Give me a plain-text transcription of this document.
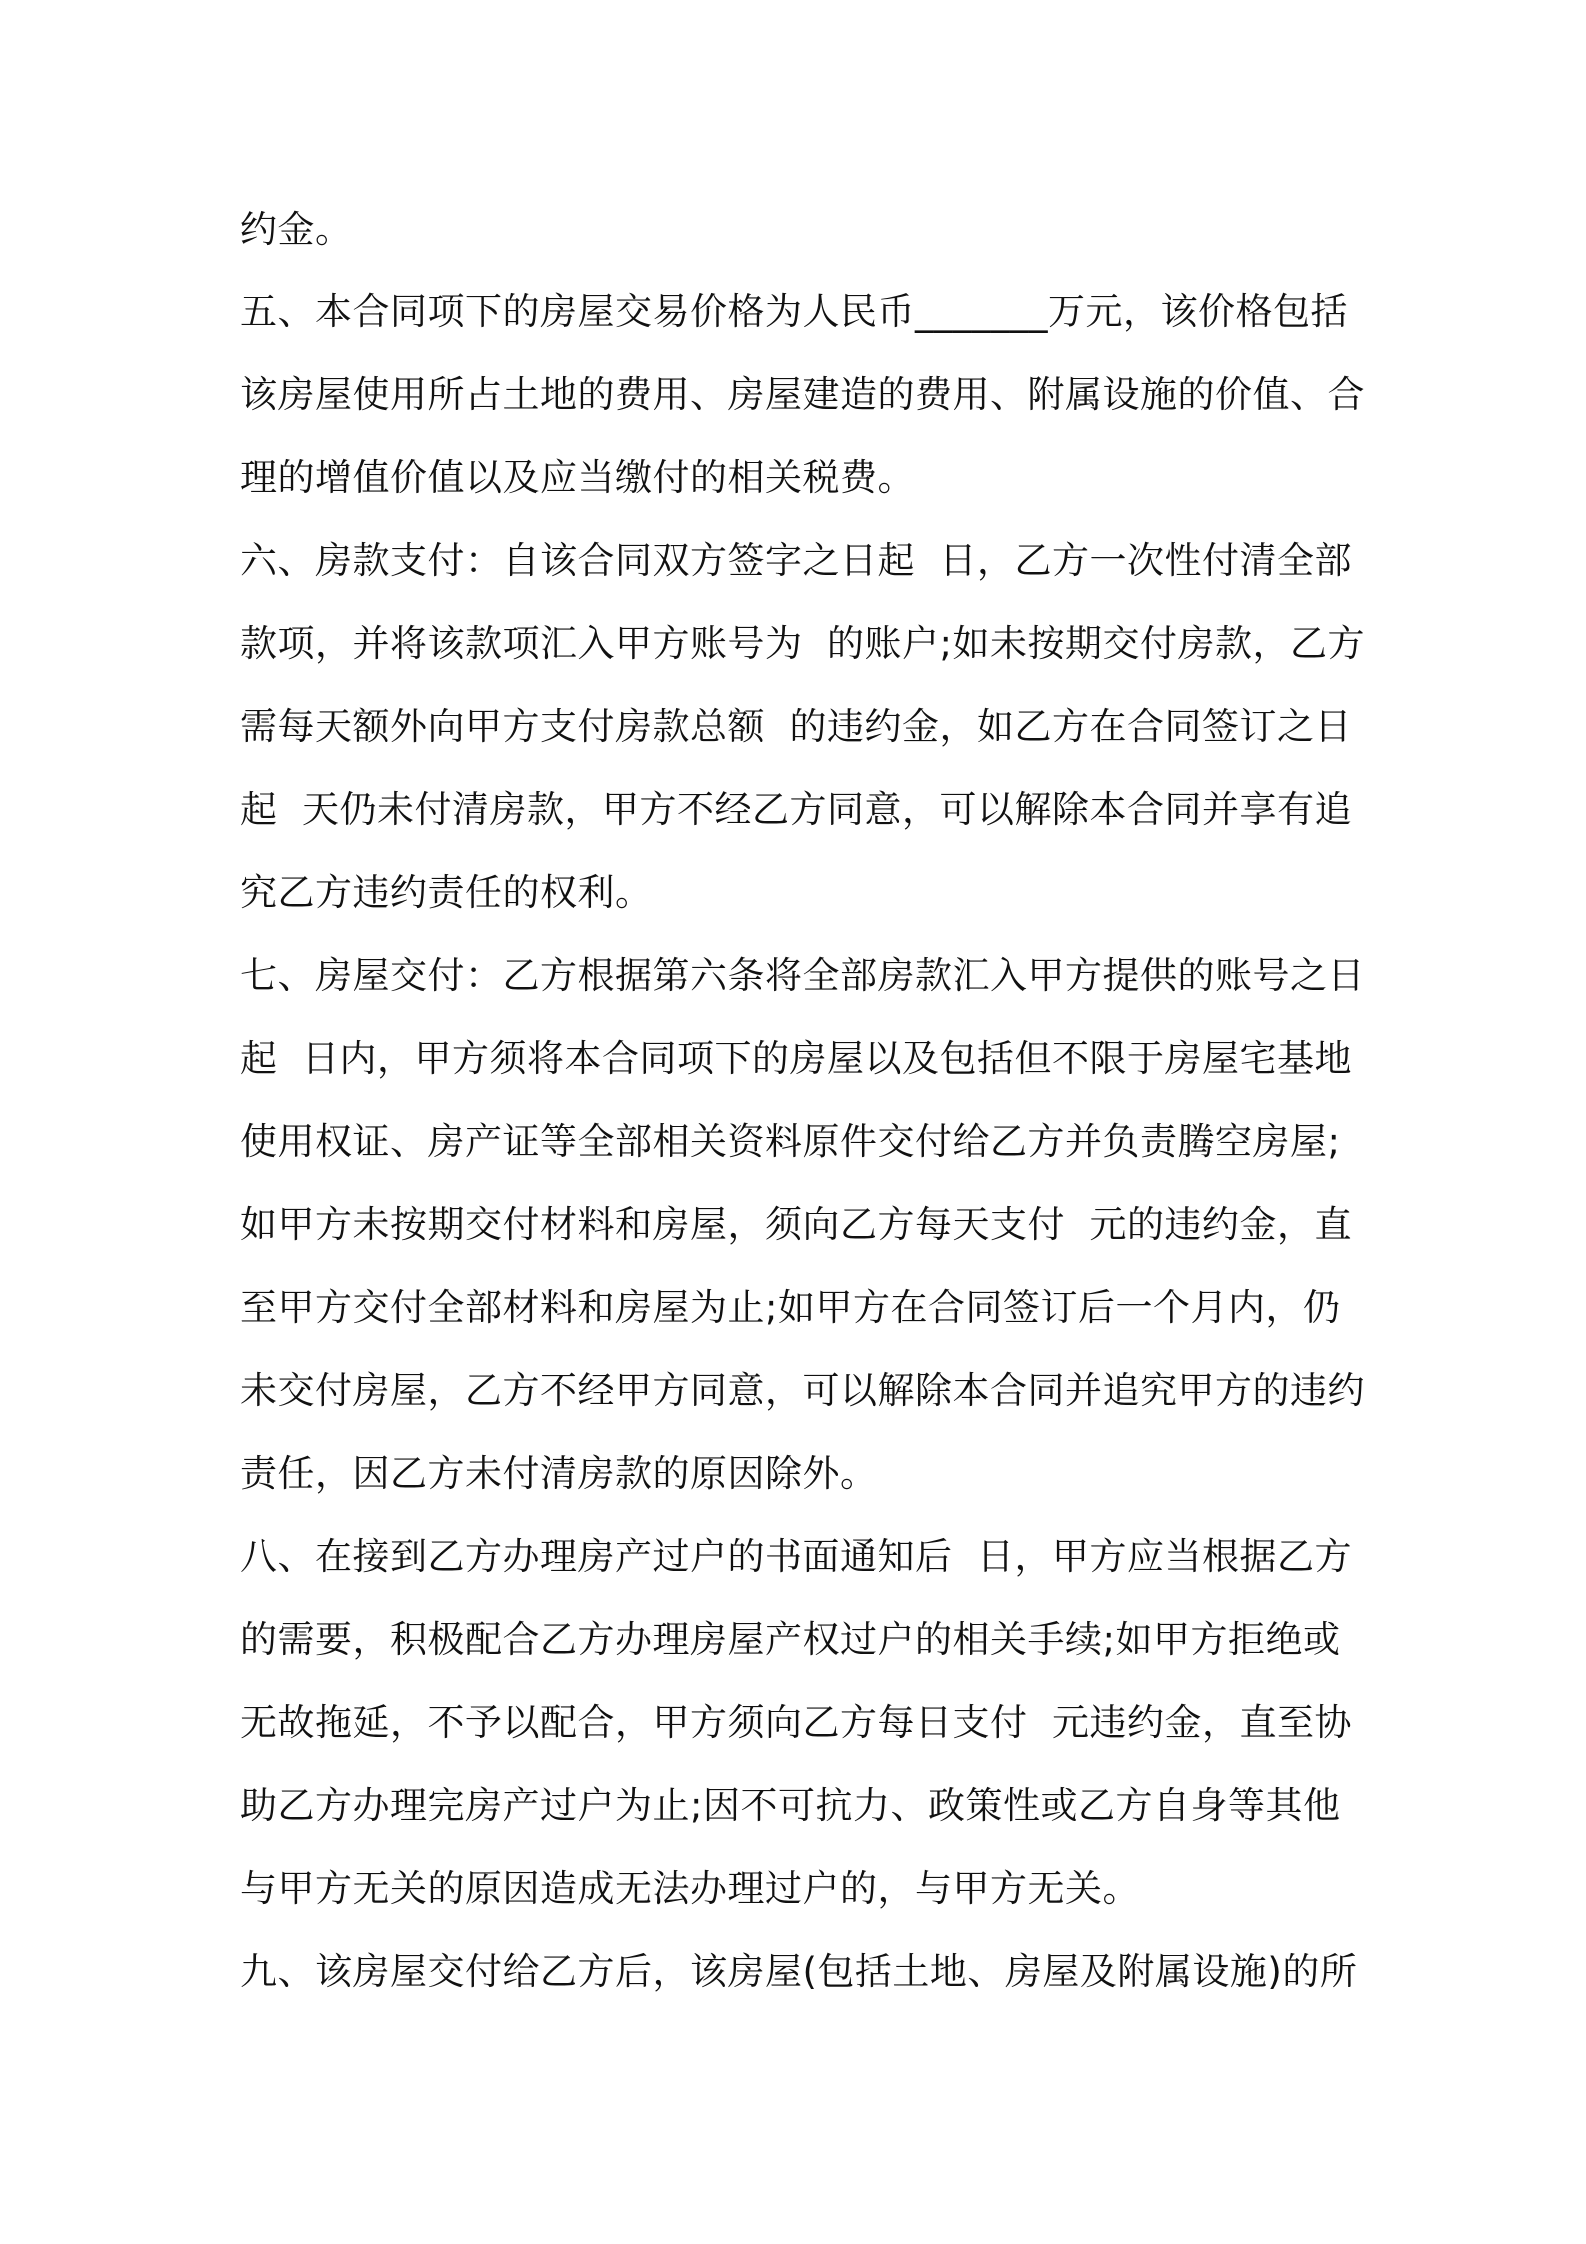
约金。
五、本合同项下的房屋交易价格为人民币_______万元，该价格包括
该房屋使用所占土地的费用、房屋建造的费用、附属设施的价值、合
理的增值价值以及应当缴付的相关税费。
六、房款支付：自该合同双方签字之日起  日，乙方一次性付清全部
款项，并将该款项汇入甲方账号为  的账户;如未按期交付房款，乙方
需每天额外向甲方支付房款总额  的违约金，如乙方在合同签订之日
起  天仍未付清房款，甲方不经乙方同意，可以解除本合同并享有追
究乙方违约责任的权利。
七、房屋交付：乙方根据第六条将全部房款汇入甲方提供的账号之日
起  日内，甲方须将本合同项下的房屋以及包括但不限于房屋宅基地
使用权证、房产证等全部相关资料原件交付给乙方并负责腾空房屋;
如甲方未按期交付材料和房屋，须向乙方每天支付  元的违约金，直
至甲方交付全部材料和房屋为止;如甲方在合同签订后一个月内，仍
未交付房屋，乙方不经甲方同意，可以解除本合同并追究甲方的违约
责任，因乙方未付清房款的原因除外。
八、在接到乙方办理房产过户的书面通知后  日，甲方应当根据乙方
的需要，积极配合乙方办理房屋产权过户的相关手续;如甲方拒绝或
无故拖延，不予以配合，甲方须向乙方每日支付  元违约金，直至协
助乙方办理完房产过户为止;因不可抗力、政策性或乙方自身等其他
与甲方无关的原因造成无法办理过户的，与甲方无关。
九、该房屋交付给乙方后，该房屋(包括土地、房屋及附属设施)的所
